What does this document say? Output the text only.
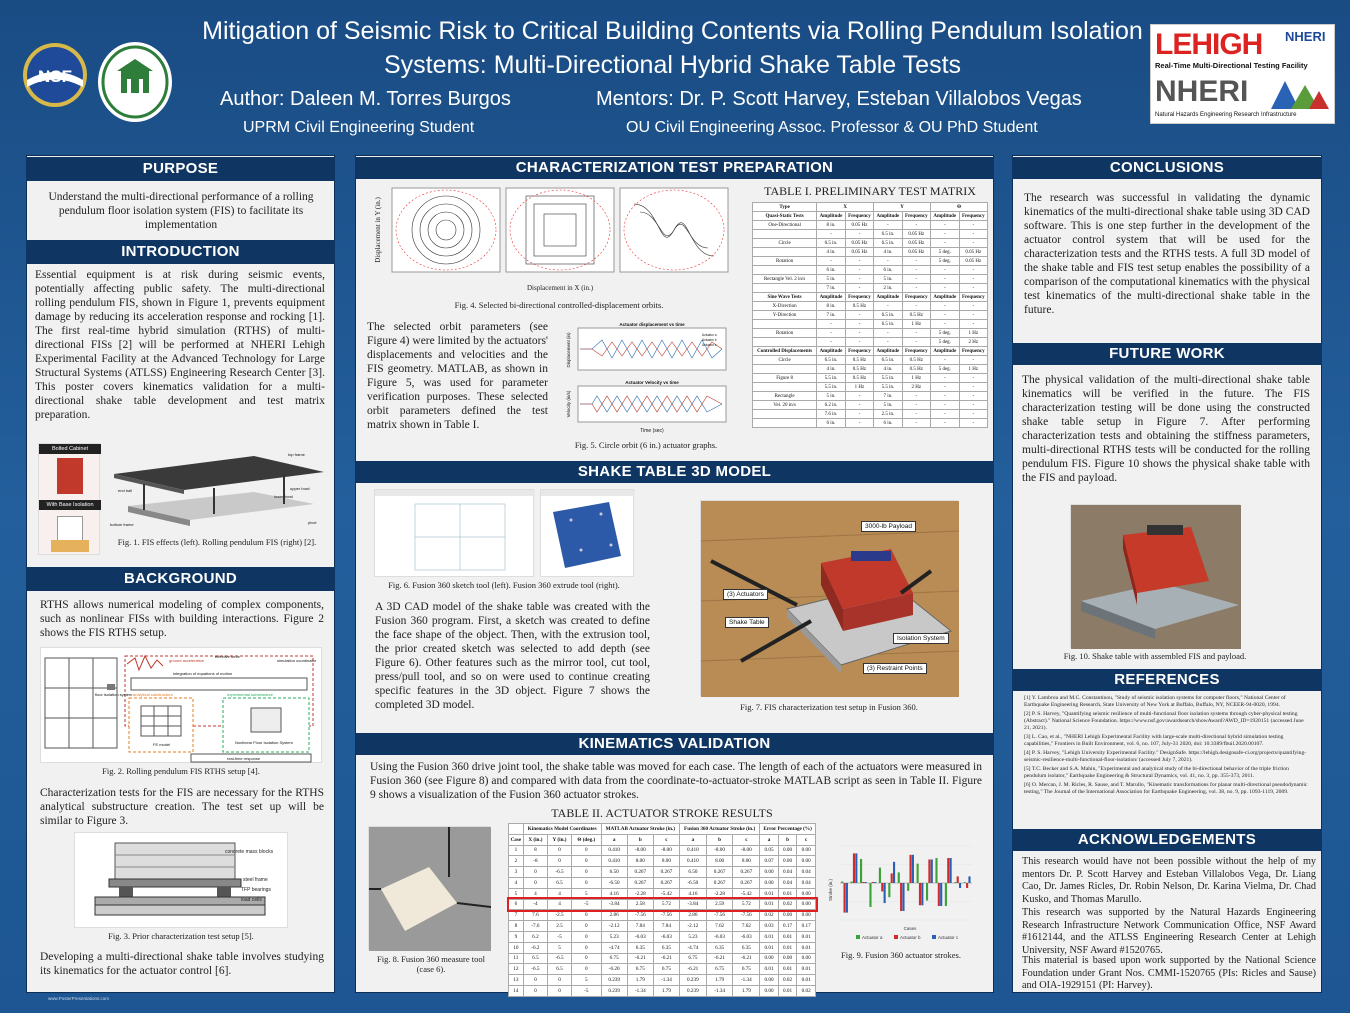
NSF
Mitigation of Seismic Risk to Critical Building Contents via Rolling Pendulum Isolation Systems: Multi-Directional Hybrid Shake Table Tests
Author: Daleen M. Torres Burgos	Mentors: Dr. P. Scott Harvey, Esteban Villalobos Vegas
UPRM Civil Engineering Student	OU Civil Engineering Assoc. Professor & OU PhD Student
LEHIGH NHERI
Real-Time Multi-Directional Testing Facility
NHERI
Natural Hazards Engineering Research Infrastructure
PURPOSE
Understand the multi-directional performance of a rolling pendulum floor isolation system (FIS) to facilitate its implementation
INTRODUCTION
Essential equipment is at risk during seismic events, potentially affecting public safety. The multi-directional rolling pendulum FIS, shown in Figure 1, prevents equipment damage by reducing its acceleration response and rocking [1]. The first real-time hybrid simulation (RTHS) of multi-directional FISs [2] will be performed at NHERI Lehigh Experimental Facility at the Advanced Technology for Large Structural Systems (ATLSS) Engineering Research Center [3]. This poster covers kinematics validation for a multi-directional shake table development and test matrix preparation.
Bolted Cabinet
With Base Isolation
top frame
end ball	upper bowl
lower bowl
bottom frame	pivot
Fig. 1. FIS effects (left). Rolling pendulum FIS (right) [2].
BACKGROUND
RTHS allows numerical modeling of complex components, such as nonlinear FISs with building interactions. Figure 2 shows the FIS RTHS setup.
ground acceleration
effective force
simulation coordinator
integration of equations of motion
analytical substructure	experimental substructure
FE model	Nonlinear Floor Isolation System
real-time response
floor isolation system
Fig. 2. Rolling pendulum FIS RTHS setup [4].
Characterization tests for the FIS are necessary for the RTHS analytical substructure creation. The test set up will be similar to Figure 3.
concrete mass blocks
steel frame
TFP bearings
load cells
Fig. 3. Prior characterization test setup [5].
Developing a multi-directional shake table involves studying its kinematics for the actuator control [6].
CHARACTERIZATION TEST PREPARATION
Displacement in Y (in.)
Displacement in X (in.)
Fig. 4. Selected bi-directional controlled-displacement orbits.
The selected orbit parameters (see Figure 4) were limited by the actuators' displacements and velocities and the FIS geometry. MATLAB, as shown in Figure 5, was used for parameter verification purposes. These selected orbit parameters defined the test matrix shown in Table I.
Actuator displacement vs time
Actuator Velocity vs time
Displacement (in)
Velocity (in/s)
Time (sec)
Actuator a
Actuator b
Actuator c
Fig. 5. Circle orbit (6 in.) actuator graphs.
TABLE I. PRELIMINARY TEST MATRIX
Type	X		Y		Θ	
Quasi-Static Tests	Amplitude	Frequency	Amplitude	Frequency	Amplitude	Frequency
One-Directional	8 in.	0.05 Hz	-	-	-	-
	-	-	6.5 in.	0.05 Hz	-	-
Circle	6.5 in.	0.05 Hz	6.5 in.	0.05 Hz	-	-
	4 in.	0.05 Hz	4 in.	0.05 Hz	5 deg.	0.05 Hz
Rotation	-	-	-	-	5 deg.	0.05 Hz
	6 in.	-	6 in.	-	-	-
Rectangle Vel. 2 in/s	5 in.	-	5 in.	-	-	-
	7 in.	-	2 in.	-	-	-
Sine Wave Tests	Amplitude	Frequency	Amplitude	Frequency	Amplitude	Frequency
X-Direction	8 in.	0.5 Hz	-	-	-	-
Y-Direction	7 in.	-	6.5 in.	0.5 Hz	-	-
	-	-	6.5 in.	1 Hz	-	-
Rotation	-	-	-	-	5 deg.	1 Hz
	-	-	-	-	5 deg.	2 Hz
Controlled Displacements	Amplitude	Frequency	Amplitude	Frequency	Amplitude	Frequency
Circle	6.5 in.	0.5 Hz	6.5 in.	0.5 Hz	-	-
	4 in.	0.5 Hz	4 in.	0.5 Hz	5 deg.	1 Hz
Figure 8	5.5 in.	0.5 Hz	5.5 in.	1 Hz	-	-
	5.5 in.	1 Hz	5.5 in.	2 Hz	-	-
Rectangle	5 in.	-	7 in.	-	-	-
Vel. 20 in/s	6.2 in.	-	5 in.	-	-	-
	7.6 in.	-	2.5 in.	-	-	-
	6 in.	-	6 in.	-	-	-
SHAKE TABLE 3D MODEL
Fig. 6. Fusion 360 sketch tool (left). Fusion 360 extrude tool (right).
A 3D CAD model of the shake table was created with the Fusion 360 program. First, a sketch was created to define the face shape of the object. Then, with the extrusion tool, the prior created sketch was selected to add depth (see Figure 6). Other features such as the mirror tool, cut tool, press/pull tool, and so on were used to continue creating specific features in the 3D object. Figure 7 shows the completed 3D model.
3000-lb Payload
(3) Actuators
Shake Table
Isolation System
(3) Restraint Points
Fig. 7. FIS characterization test setup in Fusion 360.
KINEMATICS VALIDATION
Using the Fusion 360 drive joint tool, the shake table was moved for each case. The length of each of the actuators were measured in Fusion 360 (see Figure 8) and compared with data from the coordinate-to-actuator-stroke MATLAB script as seen in Table II. Figure 9 shows a visualization of the Fusion 360 actuator strokes.
TABLE II. ACTUATOR STROKE RESULTS
Fig. 8. Fusion 360 measure tool (case 6).
	Kinematics Model Coordinates			MATLAB Actuator Stroke (in.)			Fusion 360 Actuator Stroke (in.)			Error Percentage (%)		
Case	X (in.)	Y (in.)	Θ (deg.)	a	b	c	a	b	c	a	b	c
1	8	0	0	0.410	-8.00	-8.00	0.410	-8.00	-8.00	0.05	0.00	0.00
2	-8	0	0	0.410	8.00	8.00	0.410	8.00	8.00	0.07	0.00	0.00
3	0	-6.5	0	6.50	0.267	0.267	6.50	0.267	0.267	0.00	0.04	0.04
4	0	6.5	0	-6.50	0.267	0.267	-6.50	0.267	0.267	0.00	0.04	0.04
5	4	4	5	4.16	-2.28	-5.42	4.16	-2.28	-5.42	0.01	0.01	0.00
6	-4	4	-5	-3.84	2.58	5.72	-3.84	2.59	5.72	0.01	0.02	0.00
7	7.6	-2.5	0	2.86	-7.56	-7.56	2.86	-7.56	-7.56	0.02	0.00	0.00
8	-7.6	2.5	0	-2.12	7.84	7.84	-2.12	7.62	7.62	0.03	0.17	0.17
9	6.2	-5	0	5.23	-6.03	-6.03	5.23	-6.03	-6.03	0.01	0.01	0.01
10	-6.2	5	0	-4.74	6.35	6.35	-4.74	6.35	6.35	0.01	0.01	0.01
11	6.5	-6.5	0	6.75	-6.21	-6.21	6.75	-6.21	-6.21	0.00	0.00	0.00
12	-6.5	6.5	0	-6.20	6.75	6.75	-6.21	6.75	6.75	0.01	0.01	0.01
13	0	0	5	0.239	1.79	-1.34	0.239	1.79	-1.34	0.00	0.02	0.01
14	0	0	-5	0.239	-1.34	1.79	0.239	-1.34	1.79	0.00	0.01	0.02
Stroke (in.)
Cases
Actuator a	Actuator b	Actuator c
Fig. 9. Fusion 360 actuator strokes.
CONCLUSIONS
The research was successful in validating the dynamic kinematics of the multi-directional shake table using 3D CAD software. This is one step further in the development of the actuator control system that will be used for the characterization tests and the RTHS tests. A full 3D model of the shake table and FIS test setup enables the possibility of a comparison of the computational kinematics with the physical test kinematics of the multi-directional shake table in the future.
FUTURE WORK
The physical validation of the multi-directional shake table kinematics will be verified in the future. The FIS characterization testing will be done using the constructed shake table setup in Figure 7. After performing characterization tests and obtaining the stiffness parameters, multi-directional RTHS tests will be conducted for the rolling pendulum FIS. Figure 10 shows the physical shake table with the FIS and payload.
Fig. 10. Shake table with assembled FIS and payload.
REFERENCES
[1] Y. Lambrou and M.C. Constantinou, "Study of seismic isolation systems for computer floors," National Center of Earthquake Engineering Research, State University of New York at Buffalo, Buffalo, NY, NCEER-94-0020, 1994.
[2] P. S. Harvey, "Quantifying seismic resilience of multi-functional floor isolation systems through cyber-physical testing (Abstract)." National Science Foundation. https://www.nsf.gov/awardsearch/showAward?AWD_ID=1920151 (accessed June 21, 2021).
[3] L. Cao, et al., "NHERI Lehigh Experimental Facility with large-scale multi-directional hybrid simulation testing capabilities," Frontiers in Built Environment, vol. 6, no. 107, July-31 2020, doi: 10.3389/fbuil.2020.00107.
[4] P. S. Harvey, "Lehigh University Experimental Facility." DesignSafe. https://lehigh.designsafe-ci.org/projects/quantifying-seismic-resilience-multi-functional-floor-isolation/ (accessed July 7, 2021).
[5] T.C. Becker and S.A. Mahin, "Experimental and analytical study of the bi-directional behavior of the triple friction pendulum isolator," Earthquake Engineering & Structural Dynamics, vol. 41, no. 3, pp. 355-373, 2011.
[6] O. Mercan, J. M. Ricles, R. Sause, and T. Marullo, "Kinematic transformations for planar multi-directional pseudodynamic testing," The Journal of the International Association for Earthquake Engineering, vol. 38, no. 9, pp. 1093-1119, 2009.
ACKNOWLEDGEMENTS
This research would have not been possible without the help of my mentors Dr. P. Scott Harvey and Esteban Villalobos Vega, Dr. Liang Cao, Dr. James Ricles, Dr. Robin Nelson, Dr. Karina Vielma, Dr. Chad Kusko, and Thomas Marullo.
This research was supported by the Natural Hazards Engineering Research Infrastructure Network Communication Office, NSF Award #1612144, and the ATLSS Engineering Research Center at Lehigh University, NSF Award #1520765.
This material is based upon work supported by the National Science Foundation under Grant Nos. CMMI-1520765 (PIs: Ricles and Sause) and OIA-1929151 (PI: Harvey).
www.PosterPresentations.com
